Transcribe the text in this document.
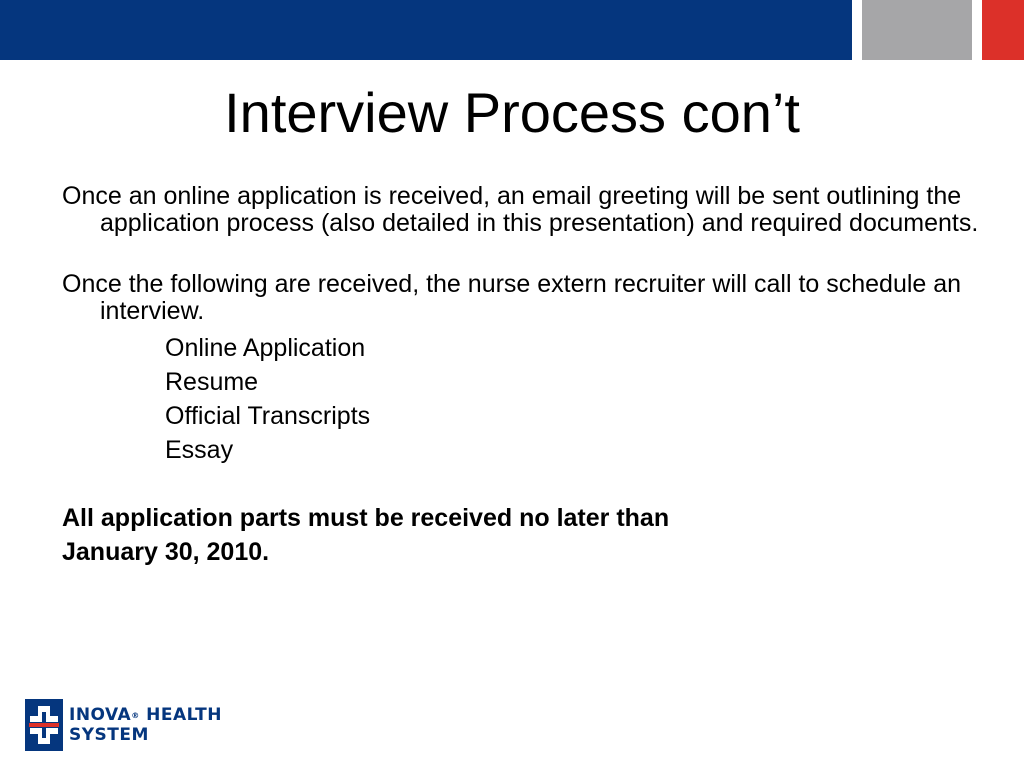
Interview Process con’t

Once an online application is received, an email greeting will be sent outlining the application process (also detailed in this presentation) and required documents.

Once the following are received, the nurse extern recruiter will call to schedule an interview.

Online Application
Resume
Official Transcripts
Essay

All application parts must be received no later than

January 30, 2010.

INOVA® HEALTH
SYSTEM
